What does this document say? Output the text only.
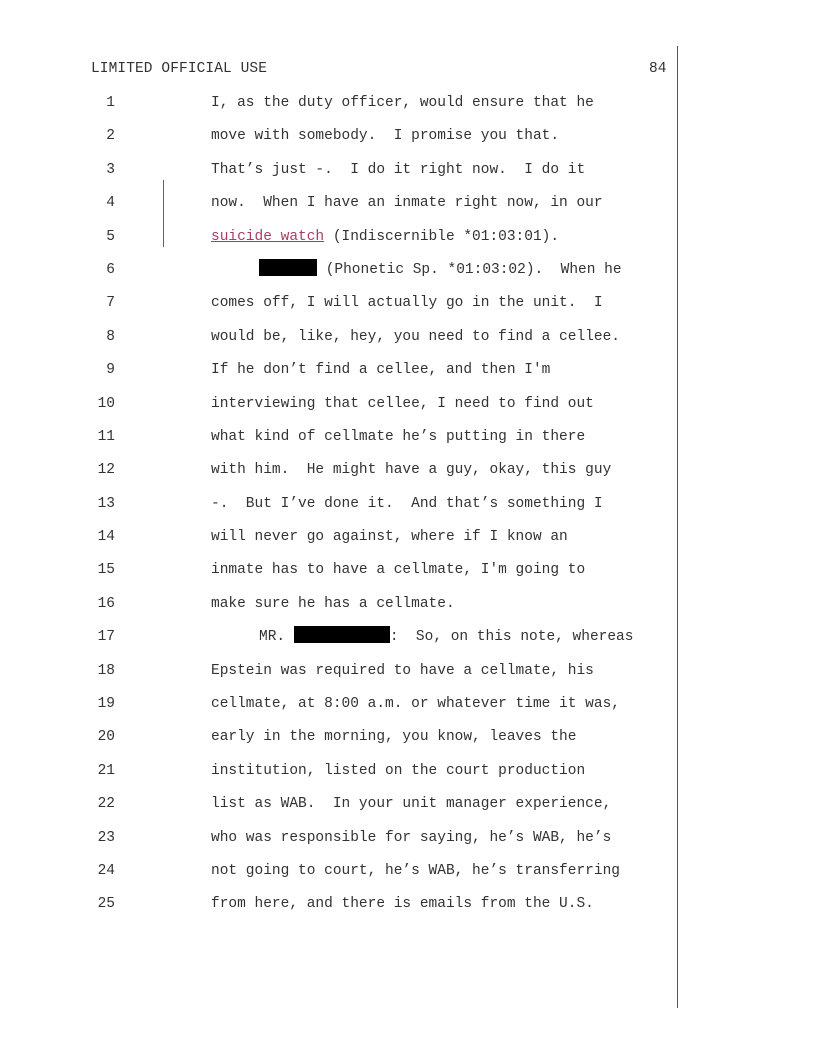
LIMITED OFFICIAL USE	84
1	I, as the duty officer, would ensure that he
2	move with somebody.  I promise you that.
3	That’s just -.  I do it right now.  I do it
4	now.  When I have an inmate right now, in our
5	suicide watch (Indiscernible *01:03:01).
6	(Phonetic Sp. *01:03:02).  When he
7	comes off, I will actually go in the unit.  I
8	would be, like, hey, you need to find a cellee.
9	If he don’t find a cellee, and then I'm
10	interviewing that cellee, I need to find out
11	what kind of cellmate he’s putting in there
12	with him.  He might have a guy, okay, this guy
13	-.  But I’ve done it.  And that’s something I
14	will never go against, where if I know an
15	inmate has to have a cellmate, I'm going to
16	make sure he has a cellmate.
17	MR.	:  So, on this note, whereas
18	Epstein was required to have a cellmate, his
19	cellmate, at 8:00 a.m. or whatever time it was,
20	early in the morning, you know, leaves the
21	institution, listed on the court production
22	list as WAB.  In your unit manager experience,
23	who was responsible for saying, he’s WAB, he’s
24	not going to court, he’s WAB, he’s transferring
25	from here, and there is emails from the U.S.
